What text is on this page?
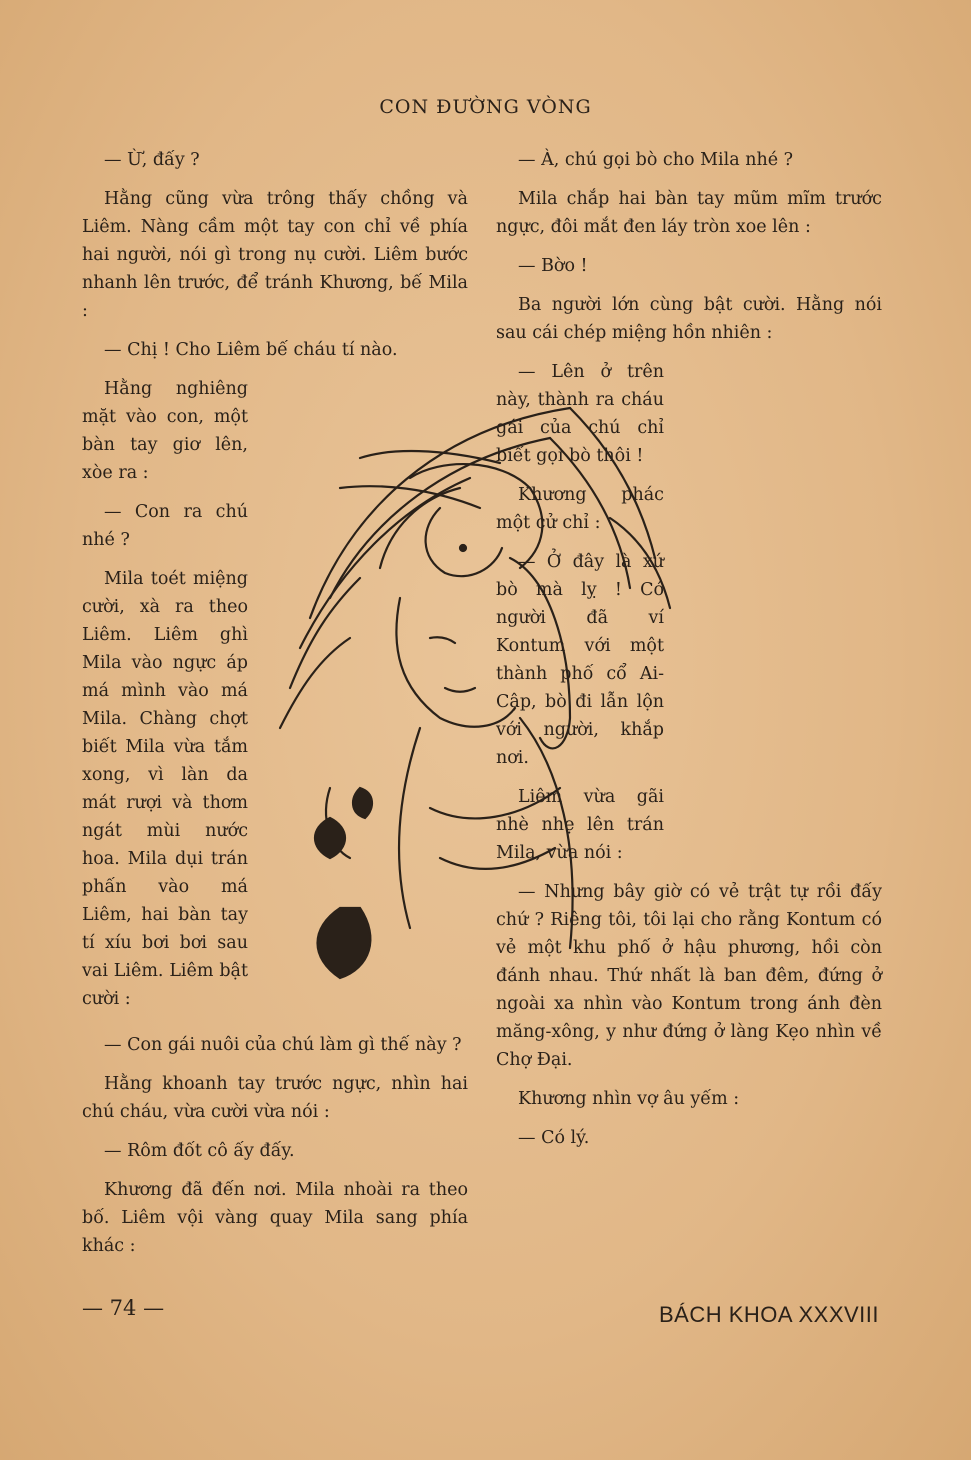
CON ĐƯỜNG VÒNG

— Ừ, đấy ?

Hằng cũng vừa trông thấy chồng và Liêm. Nàng cầm một tay con chỉ về phía hai người, nói gì trong nụ cười. Liêm bước nhanh lên trước, để tránh Khương, bế Mila :

— Chị ! Cho Liêm bế cháu tí nào.

Hằng nghiêng mặt vào con, một bàn tay giơ lên, xòe ra :

— Con ra chú nhé ?

Mila toét miệng cười, xà ra theo Liêm. Liêm ghì Mila vào ngực áp má mình vào má Mila. Chàng chợt biết Mila vừa tắm xong, vì làn da mát rượi và thơm ngát mùi nước hoa. Mila dụi trán phấn vào má Liêm, hai bàn tay tí xíu bơi bơi sau vai Liêm. Liêm bật cười :

— Con gái nuôi của chú làm gì thế này ?

Hằng khoanh tay trước ngực, nhìn hai chú cháu, vừa cười vừa nói :

— Rôm đốt cô ấy đấy.

Khương đã đến nơi. Mila nhoài ra theo bố. Liêm vội vàng quay Mila sang phía khác :

— À, chú gọi bò cho Mila nhé ?

Mila chắp hai bàn tay mũm mĩm trước ngực, đôi mắt đen láy tròn xoe lên :

— Bờo !

Ba người lớn cùng bật cười. Hằng nói sau cái chép miệng hồn nhiên :

— Lên ở trên này, thành ra cháu gái của chú chỉ biết gọi bò thôi !

Khương phác một cử chỉ :

— Ở đây là xứ bò mà lỵ ! Có người đã ví Kontum với một thành phố cổ Ai-Cập, bò đi lẫn lộn với người, khắp nơi.

Liêm vừa gãi nhè nhẹ lên trán Mila, vừa nói :

— Nhưng bây giờ có vẻ trật tự rồi đấy chứ ? Riêng tôi, tôi lại cho rằng Kontum có vẻ một khu phố ở hậu phương, hồi còn đánh nhau. Thứ nhất là ban đêm, đứng ở ngoài xa nhìn vào Kontum trong ánh đèn măng-xông, y như đứng ở làng Kẹo nhìn về Chợ Đại.

Khương nhìn vợ âu yếm :

— Có lý.

— 74 —	BÁCH KHOA XXXVIII
